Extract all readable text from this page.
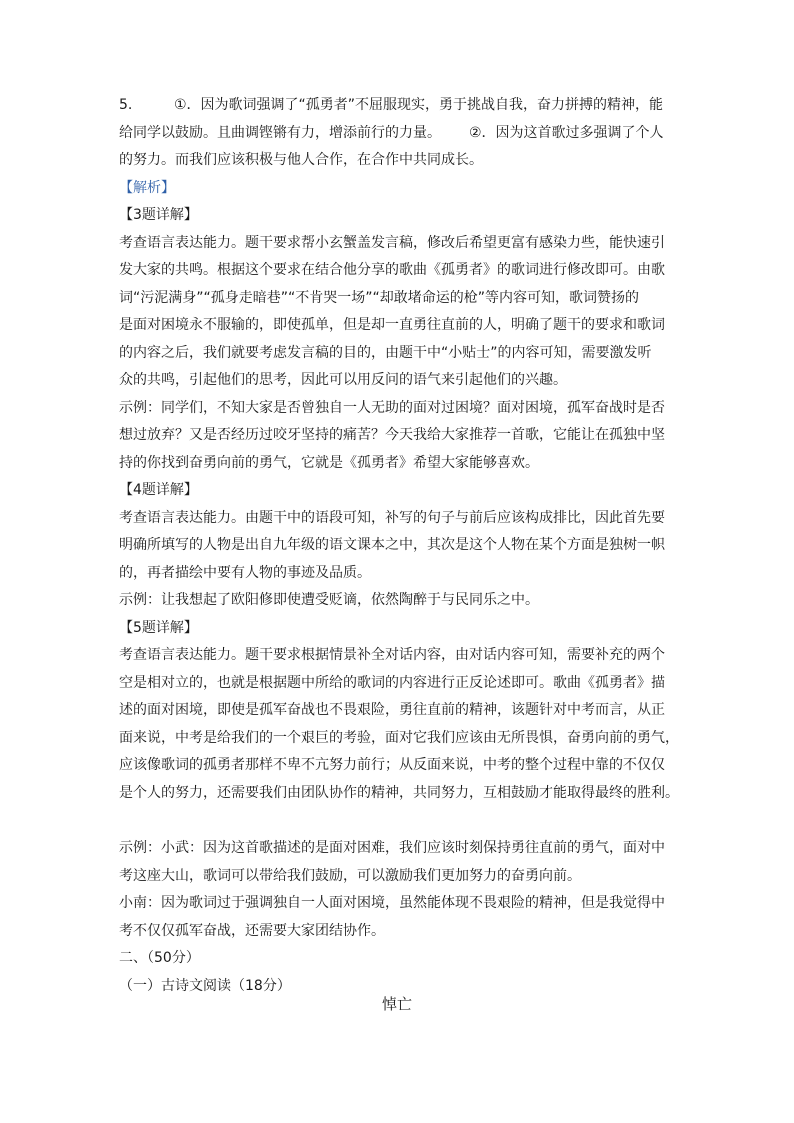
5.	①．因为歌词强调了“孤勇者”不屈服现实，勇于挑战自我，奋力拼搏的精神，能
给同学以鼓励。且曲调铿锵有力，增添前行的力量。 ②．因为这首歌过多强调了个人
的努力。而我们应该积极与他人合作，在合作中共同成长。
【解析】
【3题详解】
考查语言表达能力。题干要求帮小玄蟹盖发言稿，修改后希望更富有感染力些，能快速引
发大家的共鸣。根据这个要求在结合他分享的歌曲《孤勇者》的歌词进行修改即可。由歌
词“污泥满身”“孤身走暗巷”“不肯哭一场”“却敢堵命运的枪”等内容可知，歌词赞扬的
是面对困境永不服输的，即使孤单，但是却一直勇往直前的人，明确了题干的要求和歌词
的内容之后，我们就要考虑发言稿的目的，由题干中“小贴士”的内容可知，需要激发听
众的共鸣，引起他们的思考，因此可以用反问的语气来引起他们的兴趣。
示例：同学们，不知大家是否曾独自一人无助的面对过困境？面对困境，孤军奋战时是否
想过放弃？又是否经历过咬牙坚持的痛苦？今天我给大家推荐一首歌，它能让在孤独中坚
持的你找到奋勇向前的勇气，它就是《孤勇者》希望大家能够喜欢。
【4题详解】
考查语言表达能力。由题干中的语段可知，补写的句子与前后应该构成排比，因此首先要
明确所填写的人物是出自九年级的语文课本之中，其次是这个人物在某个方面是独树一帜
的，再者描绘中要有人物的事迹及品质。
示例：让我想起了欧阳修即使遭受贬谪，依然陶醉于与民同乐之中。
【5题详解】
考查语言表达能力。题干要求根据情景补全对话内容，由对话内容可知，需要补充的两个
空是相对立的，也就是根据题中所给的歌词的内容进行正反论述即可。歌曲《孤勇者》描
述的面对困境，即使是孤军奋战也不畏艰险，勇往直前的精神，该题针对中考而言，从正
面来说，中考是给我们的一个艰巨的考验，面对它我们应该由无所畏惧，奋勇向前的勇气，
应该像歌词的孤勇者那样不卑不亢努力前行；从反面来说，中考的整个过程中靠的不仅仅
是个人的努力，还需要我们由团队协作的精神，共同努力，互相鼓励才能取得最终的胜利。
示例：小武：因为这首歌描述的是面对困难，我们应该时刻保持勇往直前的勇气，面对中
考这座大山，歌词可以带给我们鼓励，可以激励我们更加努力的奋勇向前。
小南：因为歌词过于强调独自一人面对困境，虽然能体现不畏艰险的精神，但是我觉得中
考不仅仅孤军奋战，还需要大家团结协作。
二、（50分）
（一）古诗文阅读（18分）
悼亡
